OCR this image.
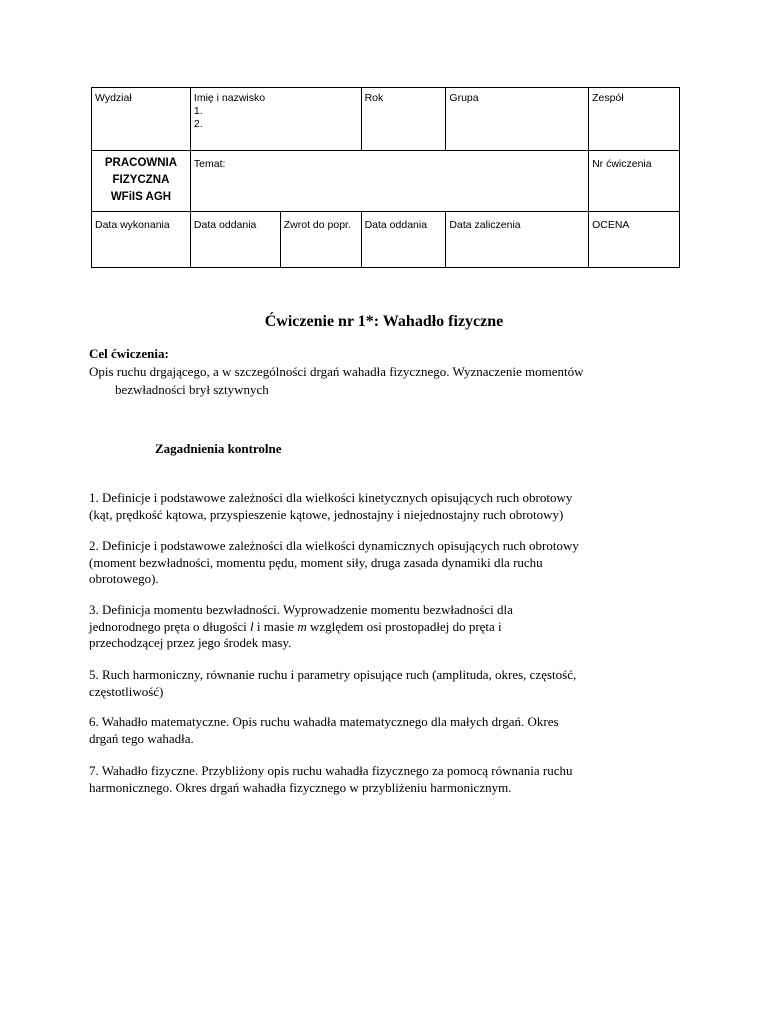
Wydział	Imię i nazwisko
1.
2.		Rok	Grupa	Zespół

PRACOWNIA
FIZYCZNA
WFiIS AGH	Temat:				Nr ćwiczenia
Data wykonania	Data oddania	Zwrot do popr.	Data oddania	Data zaliczenia	OCENA
Ćwiczenie nr 1*: Wahadło fizyczne
Cel ćwiczenia:
Opis ruchu drgającego, a w szczególności drgań wahadła fizycznego. Wyznaczenie momentów
bezwładności brył sztywnych
Zagadnienia kontrolne
1. Definicje i podstawowe zależności dla wielkości kinetycznych opisujących ruch obrotowy
(kąt, prędkość kątowa, przyspieszenie kątowe, jednostajny i niejednostajny ruch obrotowy)
2. Definicje i podstawowe zależności dla wielkości dynamicznych opisujących ruch obrotowy
(moment bezwładności, momentu pędu, moment siły, druga zasada dynamiki dla ruchu
obrotowego).
3. Definicja momentu bezwładności. Wyprowadzenie momentu bezwładności dla
jednorodnego pręta o długości l i masie m względem osi prostopadłej do pręta i
przechodzącej przez jego środek masy.
5. Ruch harmoniczny, równanie ruchu i parametry opisujące ruch (amplituda, okres, częstość,
częstotliwość)
6. Wahadło matematyczne. Opis ruchu wahadła matematycznego dla małych drgań. Okres
drgań tego wahadła.
7. Wahadło fizyczne. Przybliżony opis ruchu wahadła fizycznego za pomocą równania ruchu
harmonicznego. Okres drgań wahadła fizycznego w przybliżeniu harmonicznym.
